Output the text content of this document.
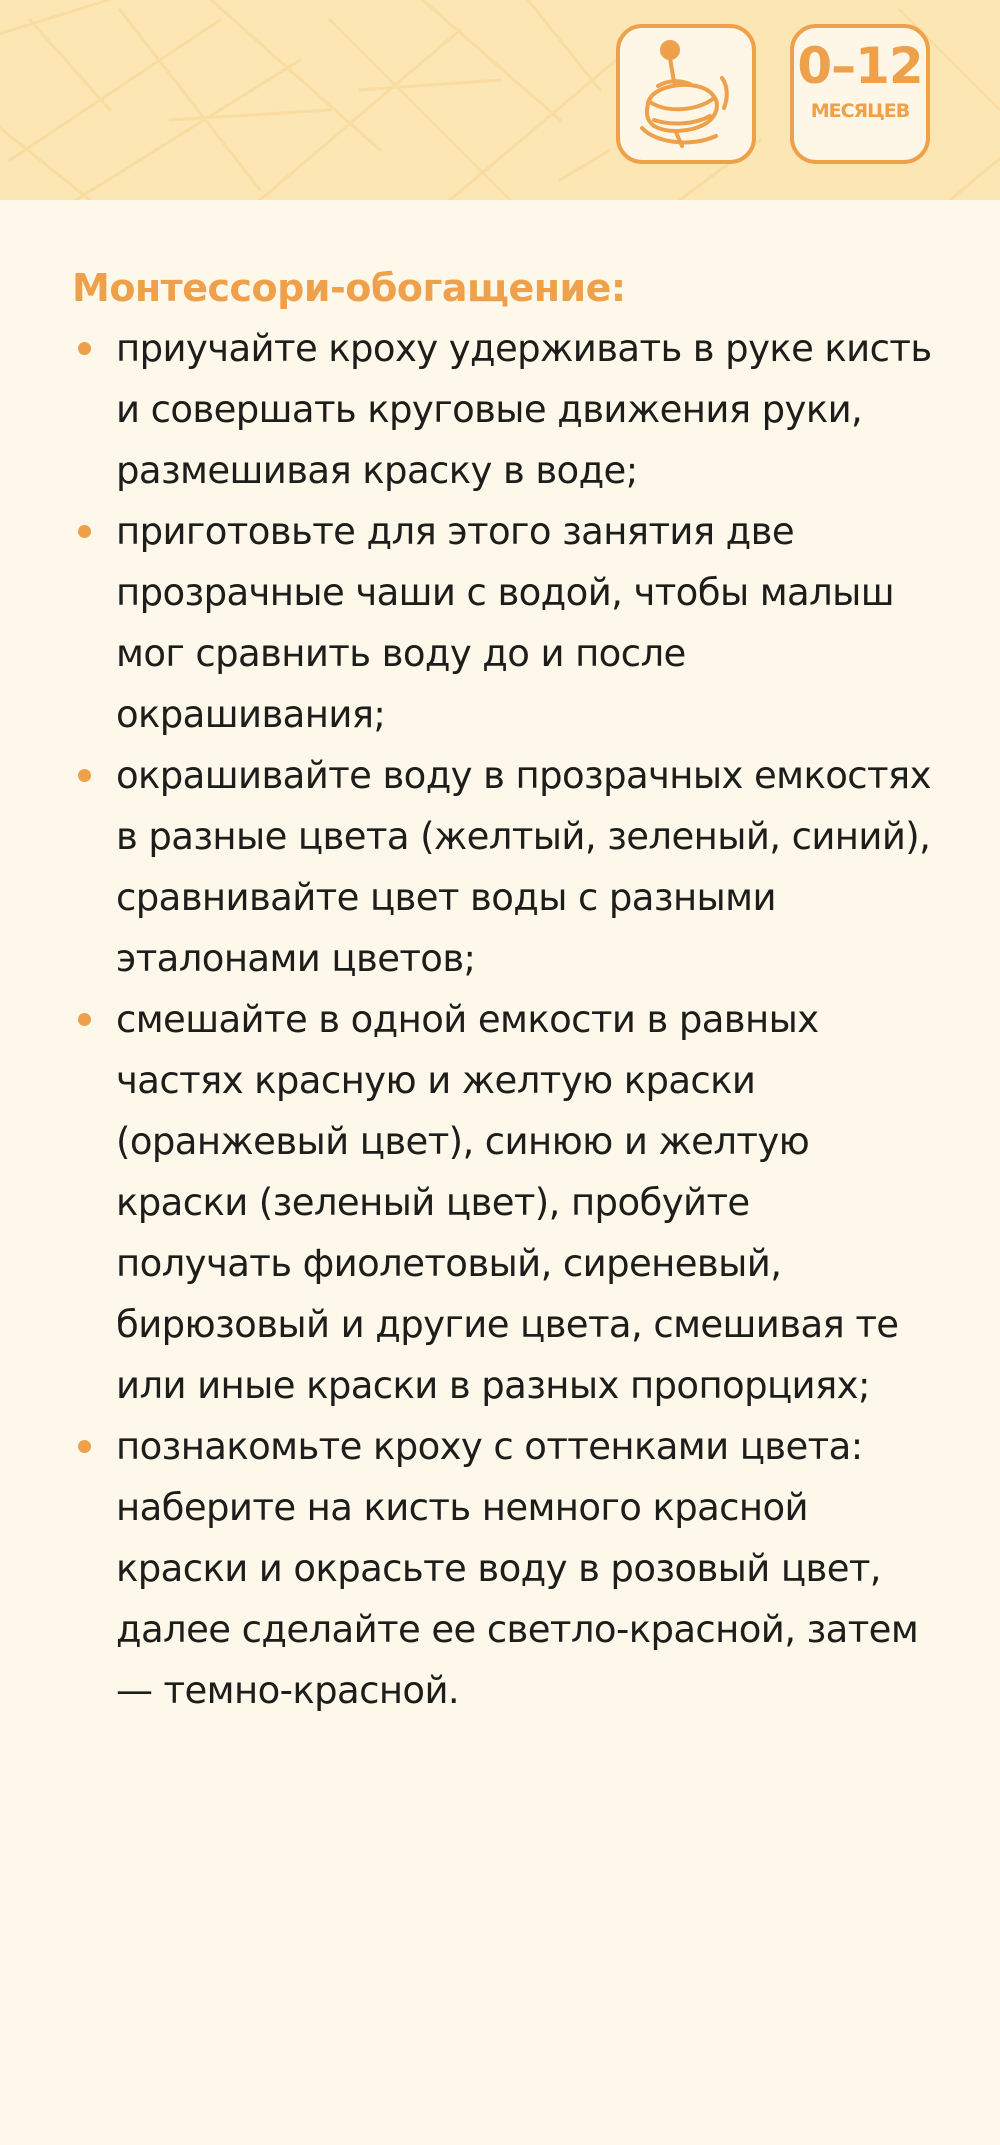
0–12
МЕСЯЦЕВ
Монтессори-обогащение:
приучайте кроху удерживать в руке кисть и совершать круговые движения руки, размешивая краску в воде;
приготовьте для этого занятия две прозрачные чаши с водой, чтобы малыш мог сравнить воду до и после окрашивания;
окрашивайте воду в прозрачных емкостях в разные цвета (желтый, зеленый, синий), сравнивайте цвет воды с разными эталонами цветов;
смешайте в одной емкости в равных частях красную и желтую краски (оранжевый цвет), синюю и желтую краски (зеленый цвет), пробуйте получать фиолетовый, сиреневый, бирюзовый и другие цвета, смешивая те или иные краски в разных пропорциях;
познакомьте кроху с оттенками цвета: наберите на кисть немного красной краски и окрасьте воду в розовый цвет, далее сделайте ее светло-красной, затем — темно-красной.
